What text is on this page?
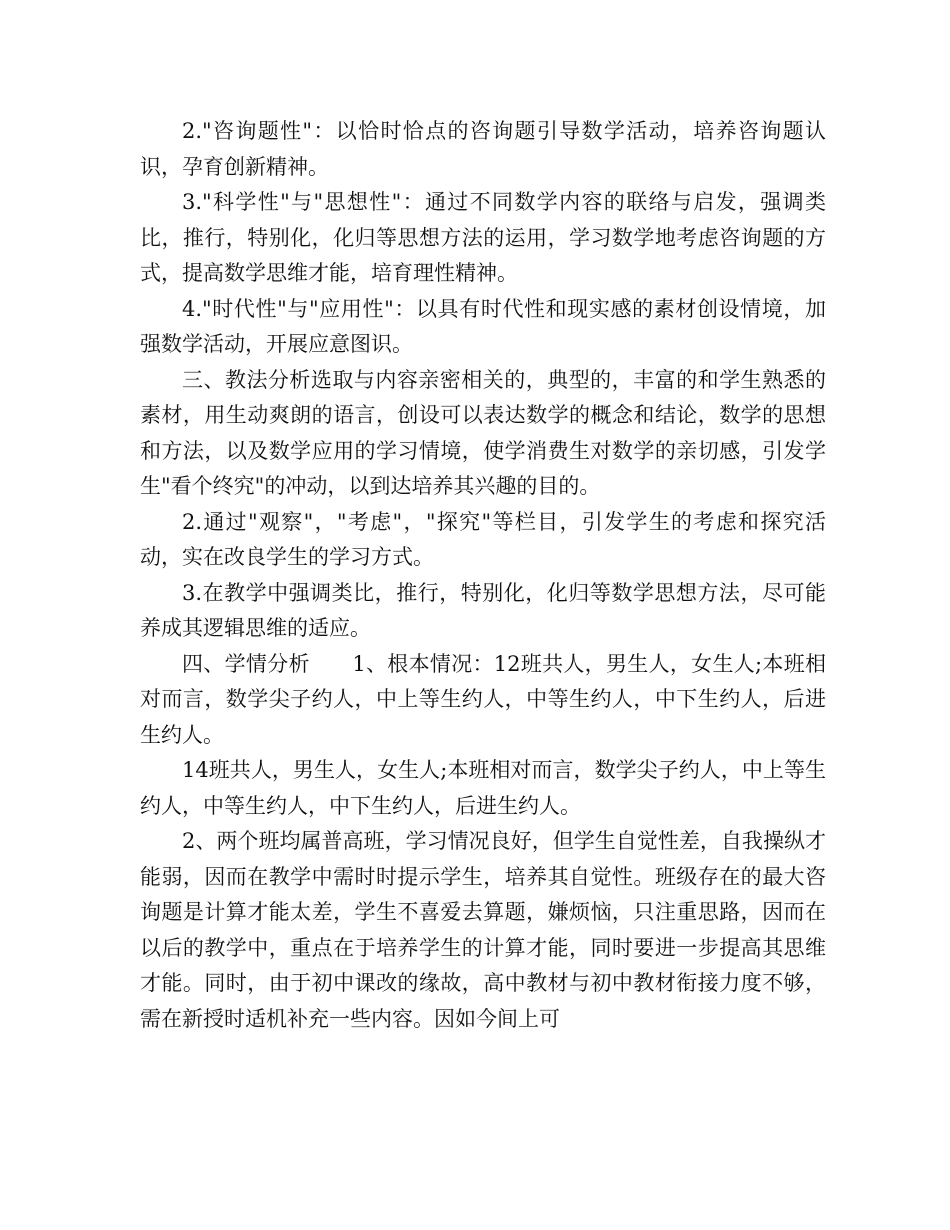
2."咨询题性"：以恰时恰点的咨询题引导数学活动，培养咨询题认识，孕育创新精神。

3."科学性"与"思想性"：通过不同数学内容的联络与启发，强调类比，推行，特别化，化归等思想方法的运用，学习数学地考虑咨询题的方式，提高数学思维才能，培育理性精神。

4."时代性"与"应用性"：以具有时代性和现实感的素材创设情境，加强数学活动，开展应意图识。

三、教法分析选取与内容亲密相关的，典型的，丰富的和学生熟悉的素材，用生动爽朗的语言，创设可以表达数学的概念和结论，数学的思想和方法，以及数学应用的学习情境，使学消费生对数学的亲切感，引发学生"看个终究"的冲动，以到达培养其兴趣的目的。

2.通过"观察"，"考虑"，"探究"等栏目，引发学生的考虑和探究活动，实在改良学生的学习方式。

3.在教学中强调类比，推行，特别化，化归等数学思想方法，尽可能养成其逻辑思维的适应。

四、学情分析　　1、根本情况：12班共人，男生人，女生人;本班相对而言，数学尖子约人，中上等生约人，中等生约人，中下生约人，后进生约人。

14班共人，男生人，女生人;本班相对而言，数学尖子约人，中上等生约人，中等生约人，中下生约人，后进生约人。

2、两个班均属普高班，学习情况良好，但学生自觉性差，自我操纵才能弱，因而在教学中需时时提示学生，培养其自觉性。班级存在的最大咨询题是计算才能太差，学生不喜爱去算题，嫌烦恼，只注重思路，因而在以后的教学中，重点在于培养学生的计算才能，同时要进一步提高其思维才能。同时，由于初中课改的缘故，高中教材与初中教材衔接力度不够，需在新授时适机补充一些内容。因如今间上可
